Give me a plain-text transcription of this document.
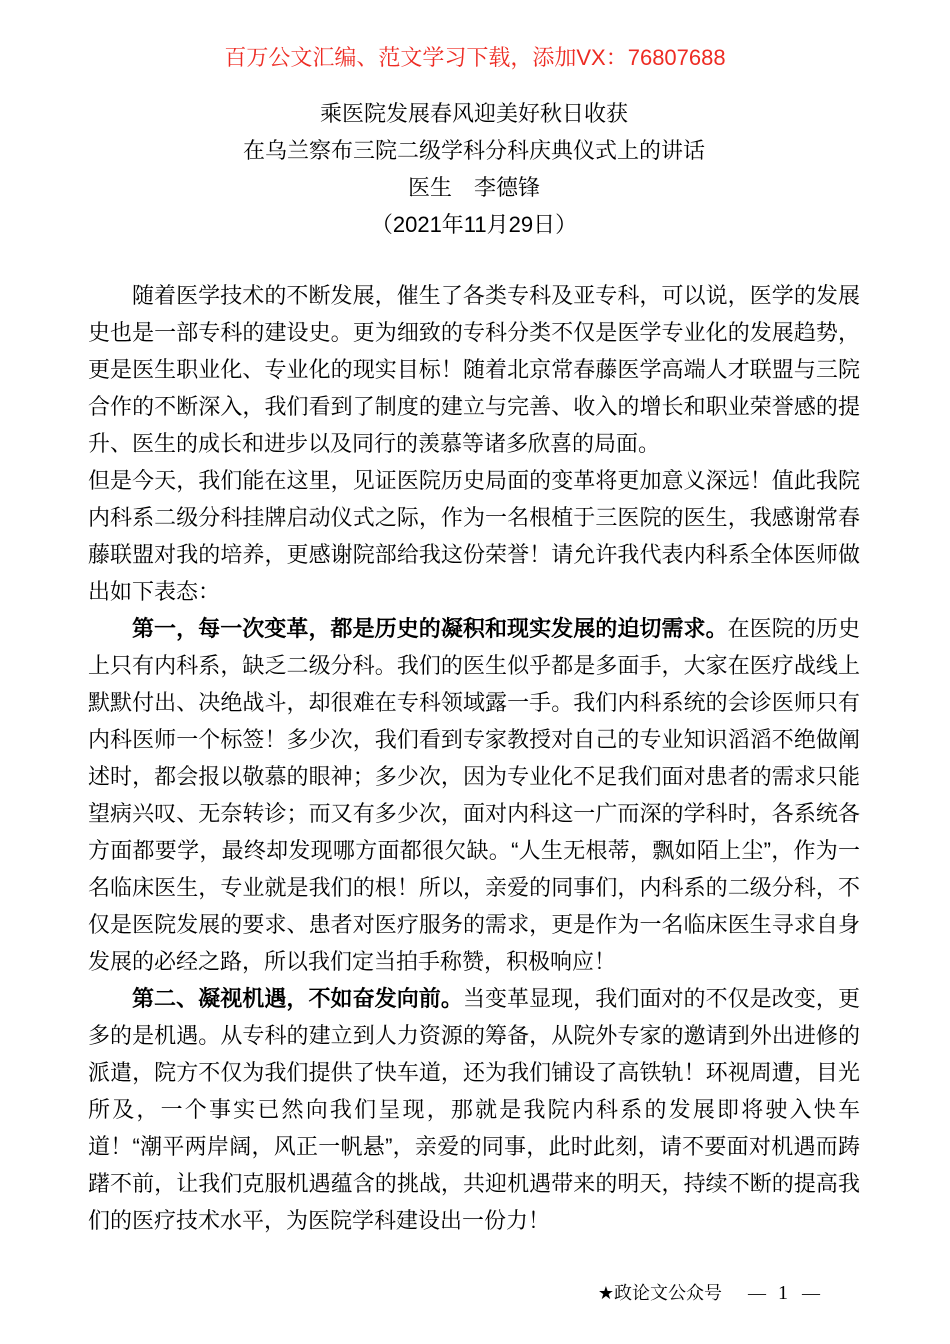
百万公文汇编、范文学习下载，添加VX：76807688
乘医院发展春风迎美好秋日收获
在乌兰察布三院二级学科分科庆典仪式上的讲话
医生　李德锋
（2021年11月29日）

随着医学技术的不断发展，催生了各类专科及亚专科，可以说，医学的发展史也是一部专科的建设史。更为细致的专科分类不仅是医学专业化的发展趋势，更是医生职业化、专业化的现实目标！随着北京常春藤医学高端人才联盟与三院合作的不断深入，我们看到了制度的建立与完善、收入的增长和职业荣誉感的提升、医生的成长和进步以及同行的羡慕等诸多欣喜的局面。

但是今天，我们能在这里，见证医院历史局面的变革将更加意义深远！值此我院内科系二级分科挂牌启动仪式之际，作为一名根植于三医院的医生，我感谢常春藤联盟对我的培养，更感谢院部给我这份荣誉！请允许我代表内科系全体医师做出如下表态：

第一，每一次变革，都是历史的凝积和现实发展的迫切需求。在医院的历史上只有内科系，缺乏二级分科。我们的医生似乎都是多面手，大家在医疗战线上默默付出、决绝战斗，却很难在专科领域露一手。我们内科系统的会诊医师只有内科医师一个标签！多少次，我们看到专家教授对自己的专业知识滔滔不绝做阐述时，都会报以敬慕的眼神；多少次，因为专业化不足我们面对患者的需求只能望病兴叹、无奈转诊；而又有多少次，面对内科这一广而深的学科时，各系统各方面都要学，最终却发现哪方面都很欠缺。“人生无根蒂，飘如陌上尘”，作为一名临床医生，专业就是我们的根！所以，亲爱的同事们，内科系的二级分科，不仅是医院发展的要求、患者对医疗服务的需求，更是作为一名临床医生寻求自身发展的必经之路，所以我们定当拍手称赞，积极响应！

第二、凝视机遇，不如奋发向前。当变革显现，我们面对的不仅是改变，更多的是机遇。从专科的建立到人力资源的筹备，从院外专家的邀请到外出进修的派遣，院方不仅为我们提供了快车道，还为我们铺设了高铁轨！环视周遭，目光所及，一个事实已然向我们呈现，那就是我院内科系的发展即将驶入快车道！“潮平两岸阔，风正一帆悬”，亲爱的同事，此时此刻，请不要面对机遇而踌躇不前，让我们克服机遇蕴含的挑战，共迎机遇带来的明天，持续不断的提高我们的医疗技术水平，为医院学科建设出一份力！

★政论文公众号 — 1 —
